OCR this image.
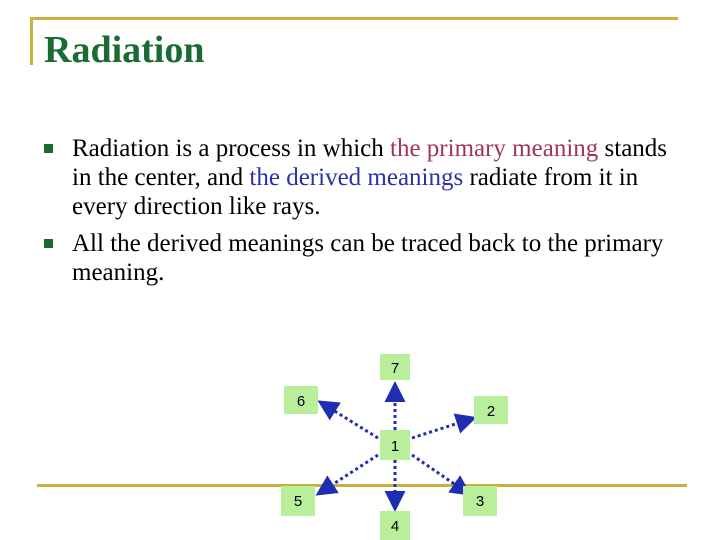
Radiation
Radiation is a process in which the primary meaning stands in the center, and the derived meanings radiate from it in every direction like rays.
All the derived meanings can be traced back to the primary meaning.
7
6
2
1
5	3
4
